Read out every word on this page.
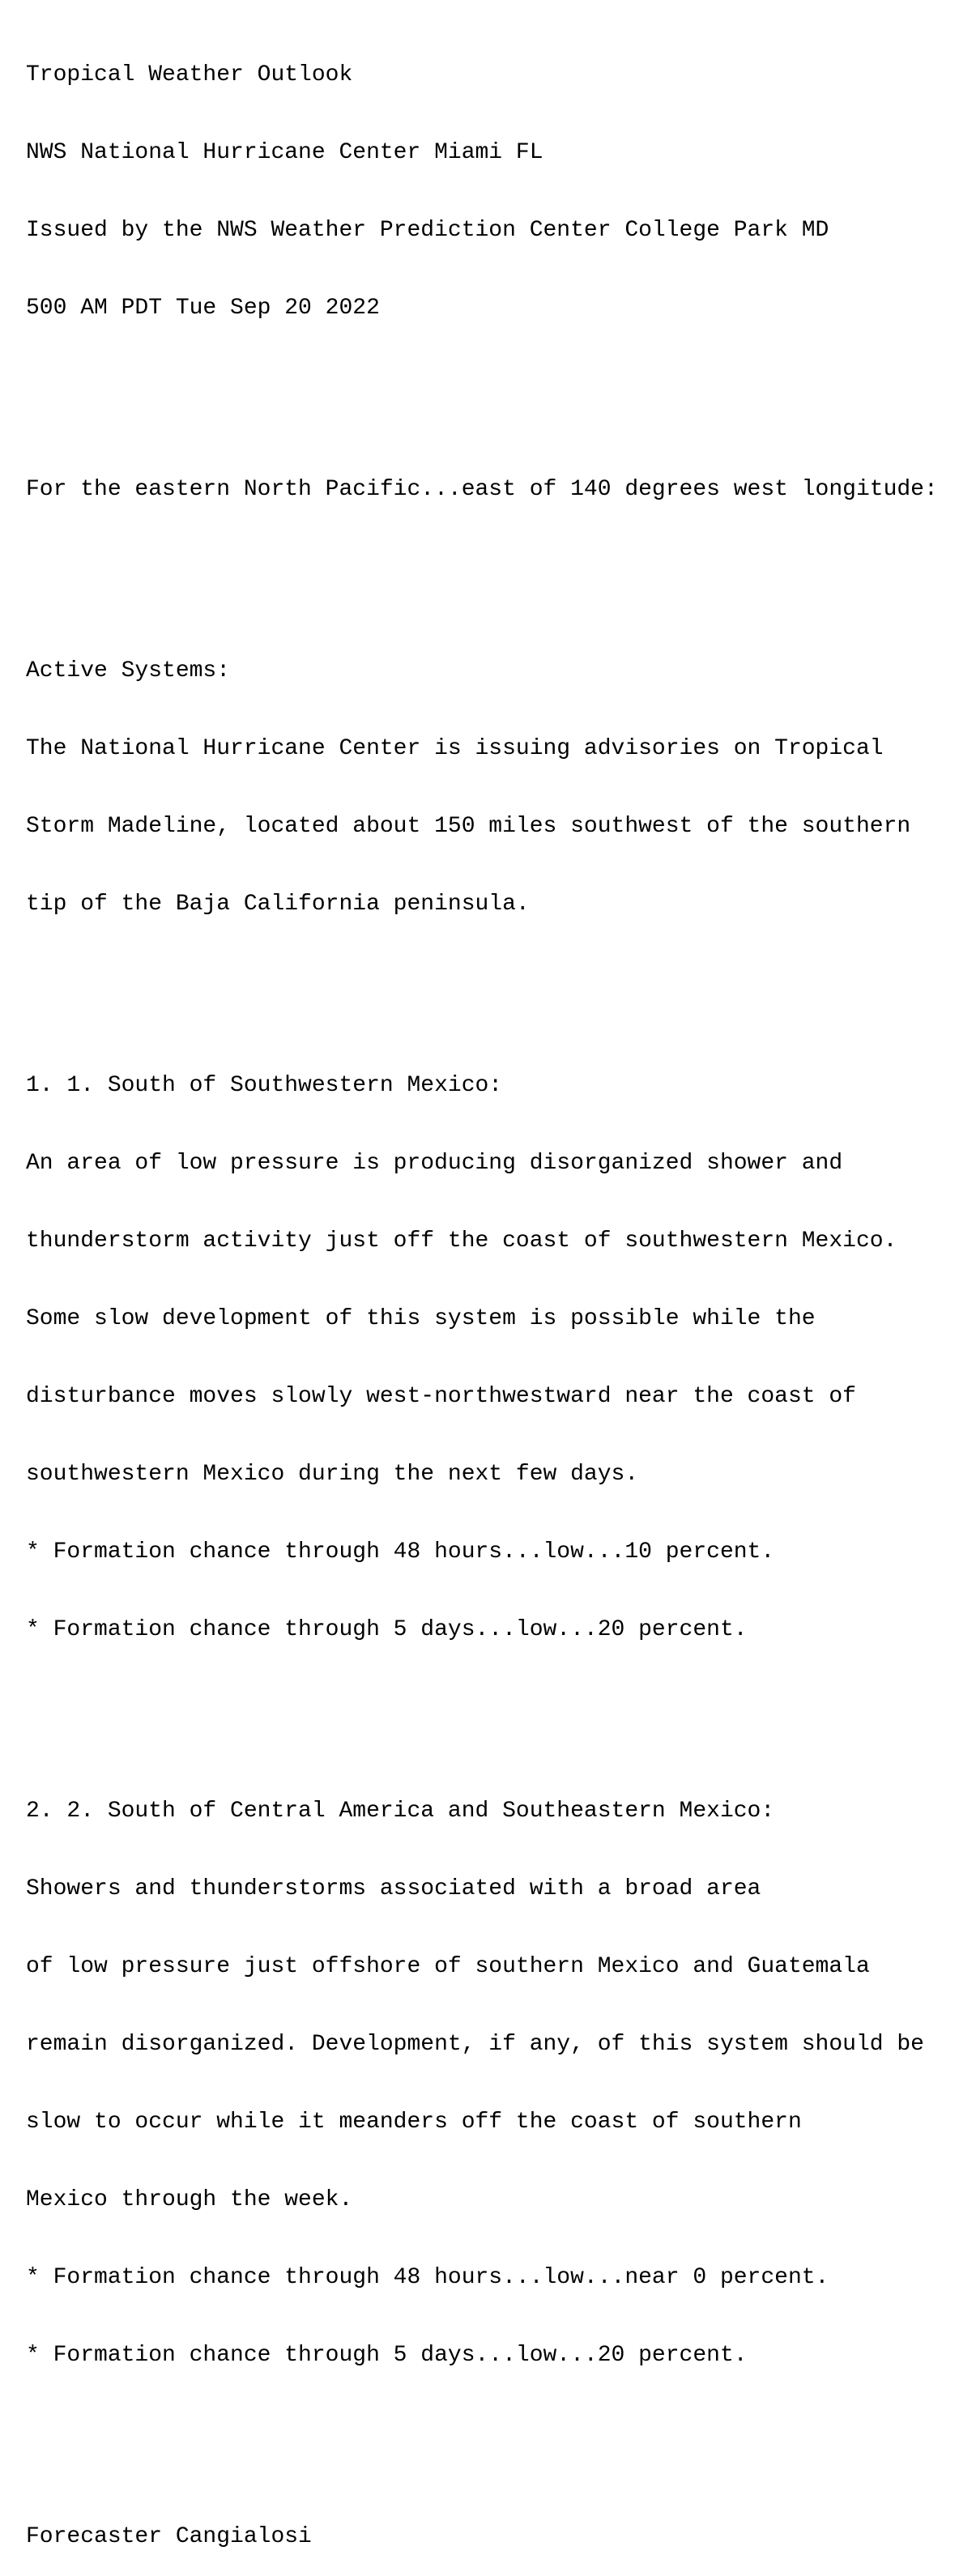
Tropical Weather Outlook

NWS National Hurricane Center Miami FL

Issued by the NWS Weather Prediction Center College Park MD

500 AM PDT Tue Sep 20 2022

For the eastern North Pacific...east of 140 degrees west longitude:

Active Systems:

The National Hurricane Center is issuing advisories on Tropical

Storm Madeline, located about 150 miles southwest of the southern

tip of the Baja California peninsula.

1. 1. South of Southwestern Mexico:

An area of low pressure is producing disorganized shower and

thunderstorm activity just off the coast of southwestern Mexico.

Some slow development of this system is possible while the

disturbance moves slowly west-northwestward near the coast of

southwestern Mexico during the next few days.

* Formation chance through 48 hours...low...10 percent.

* Formation chance through 5 days...low...20 percent.

2. 2. South of Central America and Southeastern Mexico:

Showers and thunderstorms associated with a broad area

of low pressure just offshore of southern Mexico and Guatemala

remain disorganized. Development, if any, of this system should be

slow to occur while it meanders off the coast of southern

Mexico through the week.

* Formation chance through 48 hours...low...near 0 percent.

* Formation chance through 5 days...low...20 percent.

Forecaster Cangialosi
